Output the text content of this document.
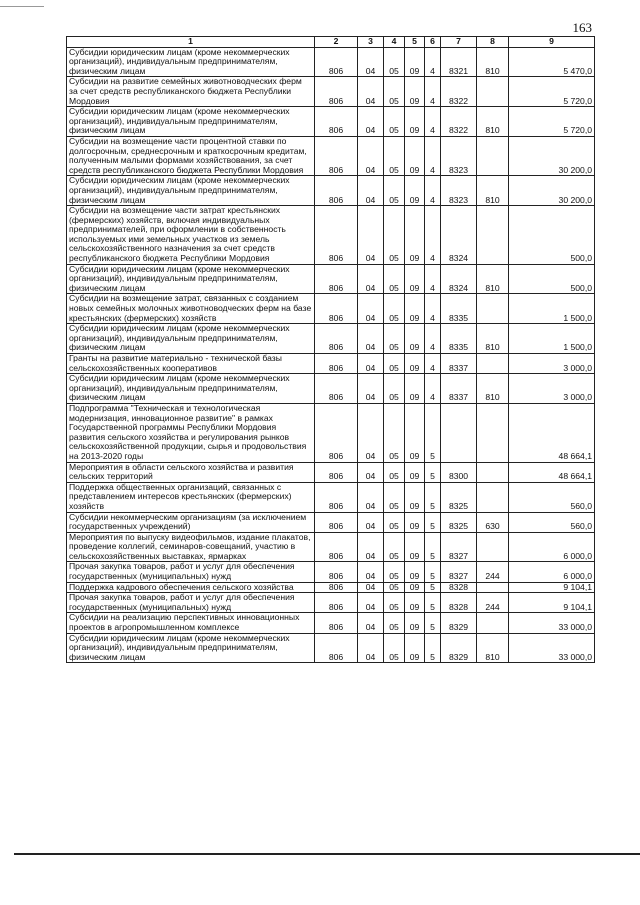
163
1	2	3	4	5	6	7	8	9
Субсидии юридическим лицам (кроме некоммерческих организаций), индивидуальным предпринимателям, физическим лицам	806	04	05	09	4	8321	810	5 470,0
Субсидии на развитие семейных животноводческих ферм за счет средств республиканского бюджета Республики Мордовия	806	04	05	09	4	8322		5 720,0
Субсидии юридическим лицам (кроме некоммерческих организаций), индивидуальным предпринимателям, физическим лицам	806	04	05	09	4	8322	810	5 720,0
Субсидии на возмещение части процентной ставки по долгосрочным, среднесрочным и краткосрочным кредитам, полученным малыми формами хозяйствования, за счет средств республиканского бюджета Республики Мордовия	806	04	05	09	4	8323		30 200,0
Субсидии юридическим лицам (кроме некоммерческих организаций), индивидуальным предпринимателям, физическим лицам	806	04	05	09	4	8323	810	30 200,0
Субсидии на возмещение части затрат крестьянских (фермерских) хозяйств, включая индивидуальных предпринимателей, при оформлении в собственность используемых ими земельных участков из земель сельскохозяйственного назначения за счет средств республиканского бюджета Республики Мордовия	806	04	05	09	4	8324		500,0
Субсидии юридическим лицам (кроме некоммерческих организаций), индивидуальным предпринимателям, физическим лицам	806	04	05	09	4	8324	810	500,0
Субсидии на возмещение затрат, связанных с созданием новых семейных молочных животноводческих ферм на базе крестьянских (фермерских) хозяйств	806	04	05	09	4	8335		1 500,0
Субсидии юридическим лицам (кроме некоммерческих организаций), индивидуальным предпринимателям, физическим лицам	806	04	05	09	4	8335	810	1 500,0
Гранты на развитие материально - технической базы сельскохозяйственных кооперативов	806	04	05	09	4	8337		3 000,0
Субсидии юридическим лицам (кроме некоммерческих организаций), индивидуальным предпринимателям, физическим лицам	806	04	05	09	4	8337	810	3 000,0
Подпрограмма "Техническая и технологическая модернизация, инновационное развитие" в рамках Государственной программы Республики Мордовия развития сельского хозяйства и регулирования рынков сельскохозяйственной продукции, сырья и продовольствия на 2013-2020 годы	806	04	05	09	5			48 664,1
Мероприятия в области сельского хозяйства и развития сельских территорий	806	04	05	09	5	8300		48 664,1
Поддержка общественных организаций, связанных с представлением интересов крестьянских (фермерских) хозяйств	806	04	05	09	5	8325		560,0
Субсидии некоммерческим организациям (за исключением государственных учреждений)	806	04	05	09	5	8325	630	560,0
Мероприятия по выпуску видеофильмов, издание плакатов, проведение коллегий, семинаров-совещаний, участию в сельскохозяйственных выставках, ярмарках	806	04	05	09	5	8327		6 000,0
Прочая закупка товаров, работ и услуг для обеспечения государственных (муниципальных) нужд	806	04	05	09	5	8327	244	6 000,0
Поддержка кадрового обеспечения сельского хозяйства	806	04	05	09	5	8328		9 104,1
Прочая закупка товаров, работ и услуг для обеспечения государственных (муниципальных) нужд	806	04	05	09	5	8328	244	9 104,1
Субсидии на реализацию перспективных инновационных проектов в агропромышленном комплексе	806	04	05	09	5	8329		33 000,0
Субсидии юридическим лицам (кроме некоммерческих организаций), индивидуальным предпринимателям, физическим лицам	806	04	05	09	5	8329	810	33 000,0
